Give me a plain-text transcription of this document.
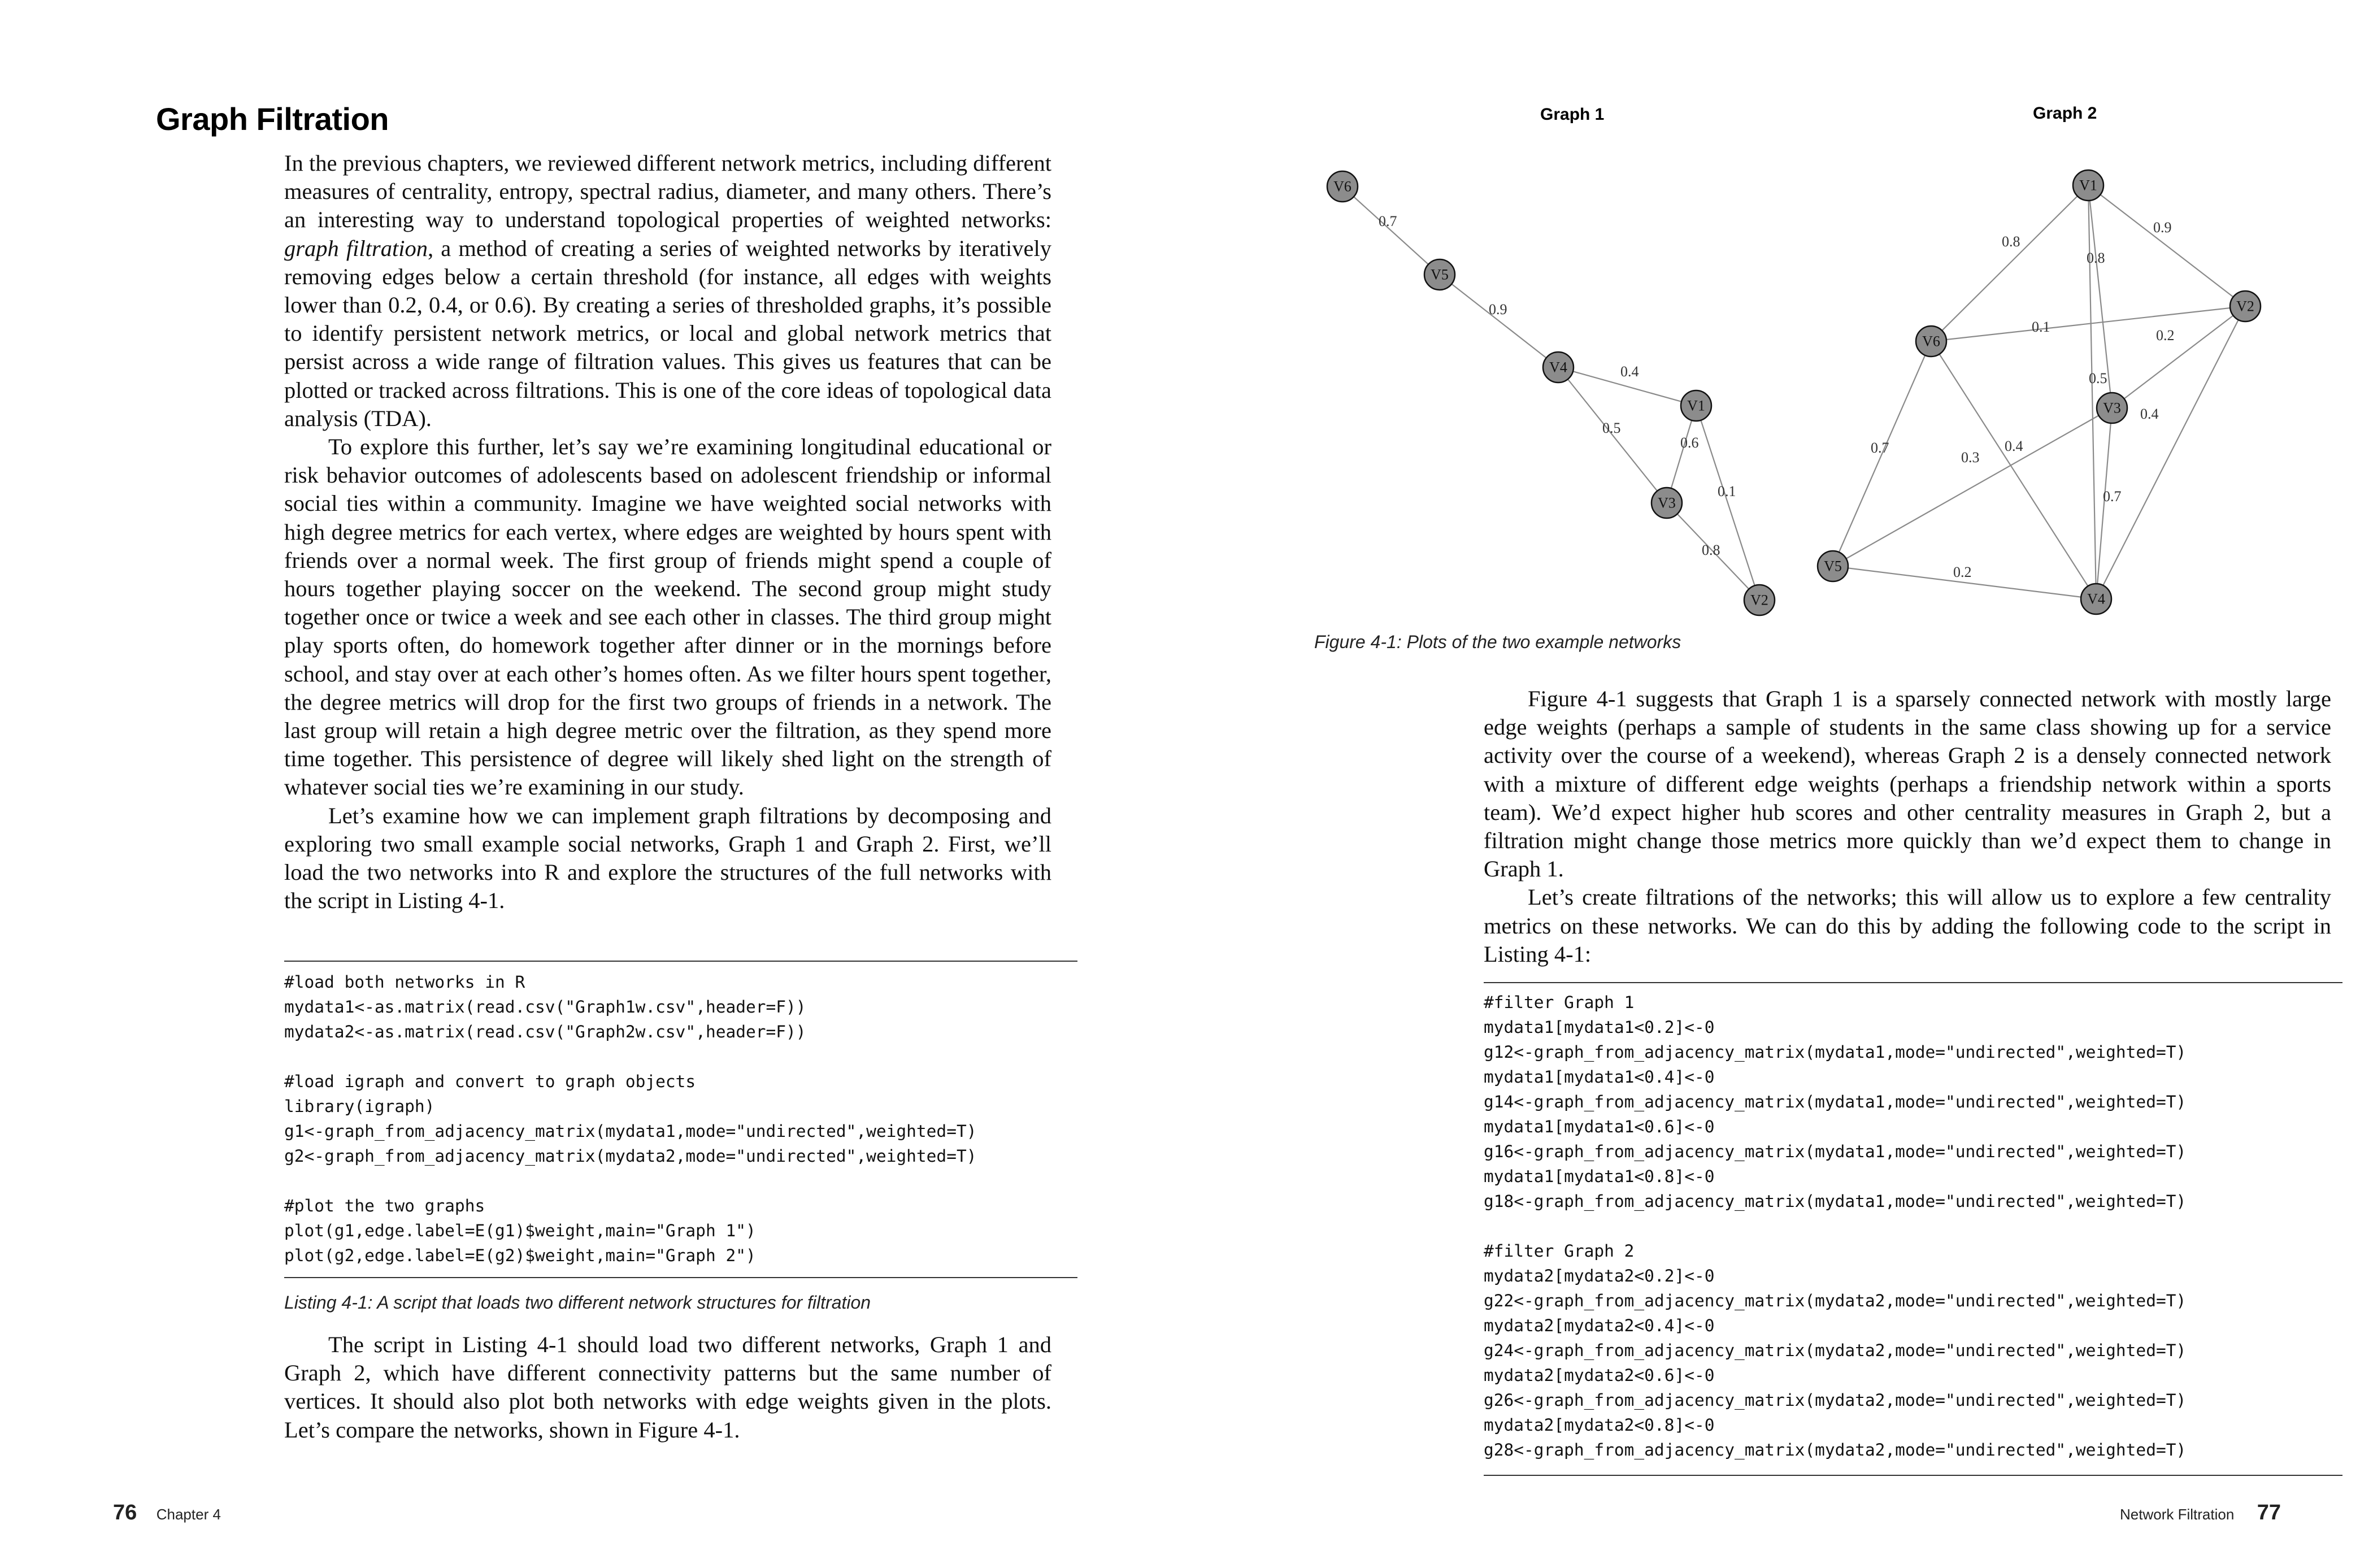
Graph Filtration

In the previous chapters, we reviewed different network metrics, including different measures of centrality, entropy, spectral radius, diameter, and many others. There’s an interesting way to understand topological properties of weighted networks: graph filtration, a method of creating a series of weighted networks by iteratively removing edges below a certain threshold (for instance, all edges with weights lower than 0.2, 0.4, or 0.6). By creating a series of thresholded graphs, it’s possible to identify persistent network metrics, or local and global network metrics that persist across a wide range of filtration values. This gives us features that can be plotted or tracked across filtrations. This is one of the core ideas of topological data analysis (TDA).

To explore this further, let’s say we’re examining longitudinal educational or risk behavior outcomes of adolescents based on adolescent friendship or informal social ties within a community. Imagine we have weighted social networks with high degree metrics for each vertex, where edges are weighted by hours spent with friends over a normal week. The first group of friends might spend a couple of hours together playing soccer on the weekend. The second group might study together once or twice a week and see each other in classes. The third group might play sports often, do homework together after dinner or in the mornings before school, and stay over at each other’s homes often. As we filter hours spent together, the degree metrics will drop for the first two groups of friends in a network. The last group will retain a high degree metric over the filtration, as they spend more time together. This persistence of degree will likely shed light on the strength of whatever social ties we’re examining in our study.

Let’s examine how we can implement graph filtrations by decomposing and exploring two small example social networks, Graph 1 and Graph 2. First, we’ll load the two networks into R and explore the structures of the full networks with the script in Listing 4-1.

#load both networks in R
mydata1<-as.matrix(read.csv("Graph1w.csv",header=F))
mydata2<-as.matrix(read.csv("Graph2w.csv",header=F))

#load igraph and convert to graph objects
library(igraph)
g1<-graph_from_adjacency_matrix(mydata1,mode="undirected",weighted=T)
g2<-graph_from_adjacency_matrix(mydata2,mode="undirected",weighted=T)

#plot the two graphs
plot(g1,edge.label=E(g1)$weight,main="Graph 1")
plot(g2,edge.label=E(g2)$weight,main="Graph 2")
Listing 4-1: A script that loads two different network structures for filtration

The script in Listing 4-1 should load two different networks, Graph 1 and Graph 2, which have different connectivity patterns but the same number of vertices. It should also plot both networks with edge weights given in the plots. Let’s compare the networks, shown in Figure 4-1.

76 Chapter 4
Graph 1	Graph 2
0.7
0.9
0.4
0.5
0.6
0.1
0.8
V6
V5
V4
V1
V3
V2
0.8
0.9
0.8
0.5
0.1
0.2
0.4
0.7	0.4
0.3
0.7
0.2
V1
V2
V6
V3
V5
V4
Figure 4-1: Plots of the two example networks

Figure 4-1 suggests that Graph 1 is a sparsely connected network with mostly large edge weights (perhaps a sample of students in the same class showing up for a service activity over the course of a weekend), whereas Graph 2 is a densely connected network with a mixture of different edge weights (perhaps a friendship network within a sports team). We’d expect higher hub scores and other centrality measures in Graph 2, but a filtration might change those metrics more quickly than we’d expect them to change in Graph 1.

Let’s create filtrations of the networks; this will allow us to explore a few centrality metrics on these networks. We can do this by adding the following code to the script in Listing 4-1:

#filter Graph 1
mydata1[mydata1<0.2]<-0
g12<-graph_from_adjacency_matrix(mydata1,mode="undirected",weighted=T)
mydata1[mydata1<0.4]<-0
g14<-graph_from_adjacency_matrix(mydata1,mode="undirected",weighted=T)
mydata1[mydata1<0.6]<-0
g16<-graph_from_adjacency_matrix(mydata1,mode="undirected",weighted=T)
mydata1[mydata1<0.8]<-0
g18<-graph_from_adjacency_matrix(mydata1,mode="undirected",weighted=T)

#filter Graph 2
mydata2[mydata2<0.2]<-0
g22<-graph_from_adjacency_matrix(mydata2,mode="undirected",weighted=T)
mydata2[mydata2<0.4]<-0
g24<-graph_from_adjacency_matrix(mydata2,mode="undirected",weighted=T)
mydata2[mydata2<0.6]<-0
g26<-graph_from_adjacency_matrix(mydata2,mode="undirected",weighted=T)
mydata2[mydata2<0.8]<-0
g28<-graph_from_adjacency_matrix(mydata2,mode="undirected",weighted=T)
Network Filtration 77
